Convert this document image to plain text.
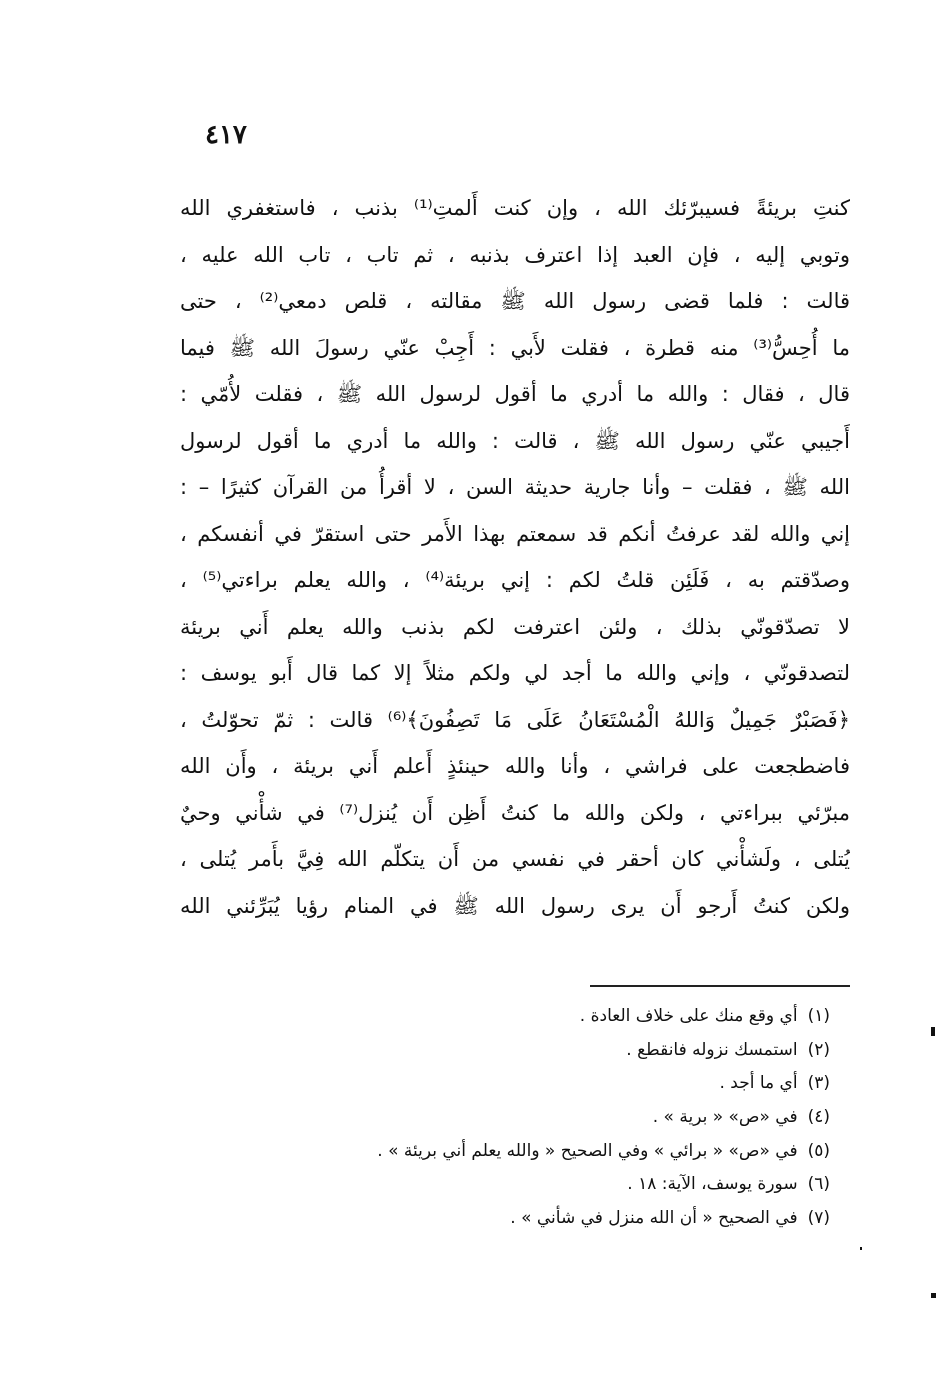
٤١٧
كنتِ بريئةً فسيبرّئك الله ، وإن كنت أَلمتِ⁽¹⁾ بذنب ، فاستغفري الله
وتوبي إليه ، فإن العبد إذا اعترف بذنبه ، ثم تاب ، تاب الله عليه ،
قالت : فلما قضى رسول الله ﷺ مقالته ، قلص دمعي⁽²⁾ ، حتى
ما أُحِسُّ⁽³⁾ منه قطرة ، فقلت لأَبي : أَجِبْ عنّي رسولَ الله ﷺ فيما
قال ، فقال : والله ما أدري ما أقول لرسول الله ﷺ ، فقلت لأُمّي :
أَجيبي عنّي رسول الله ﷺ ، قالت : والله ما أدري ما أقول لرسول
الله ﷺ ، فقلت – وأنا جارية حديثة السن ، لا أقرأُ من القرآن كثيرًا – :
إني والله لقد عرفتُ أنكم قد سمعتم بهذا الأَمر حتى استقرّ في أنفسكم ،
وصدّقتم به ، فَلَئِن قلتُ لكم : إني بريئة⁽⁴⁾ ، والله يعلم براءتي⁽⁵⁾ ،
لا تصدّقونّي بذلك ، ولئن اعترفت لكم بذنب والله يعلم أَني بريئة
لتصدقونّي ، وإني والله ما أجد لي ولكم مثلاً إلا كما قال أَبو يوسف :
﴿فَصَبْرٌ جَمِيلٌ وَاللهُ الْمُسْتَعَانُ عَلَى مَا تَصِفُونَ﴾⁽⁶⁾ قالت : ثمّ تحوّلتُ ،
فاضطجعت على فراشي ، وأنا والله حينئذٍ أَعلم أَني بريئة ، وأَن الله
مبرّئي ببراءتي ، ولكن والله ما كنتُ أَظِن أَن يُنزل⁽⁷⁾ في شأْني وحيٌ
يُتلى ، ولَشأْني كان أحقر في نفسي من أَن يتكلّم الله فِيَّ بأَمر يُتلى ،
ولكن كنتُ أَرجو أَن يرى رسول الله ﷺ في المنام رؤيا يُبَرِّئني الله
(١)أي وقع منك على خلاف العادة .
(٢)استمسك نزوله فانقطع .
(٣)أي ما أجد .
(٤)في «ص» « برية » .
(٥)في «ص» « برائي » وفي الصحيح « والله يعلم أني بريئة » .
(٦)سورة يوسف، الآية: ١٨ .
(٧)في الصحيح « أن الله منزل في شأني » .
